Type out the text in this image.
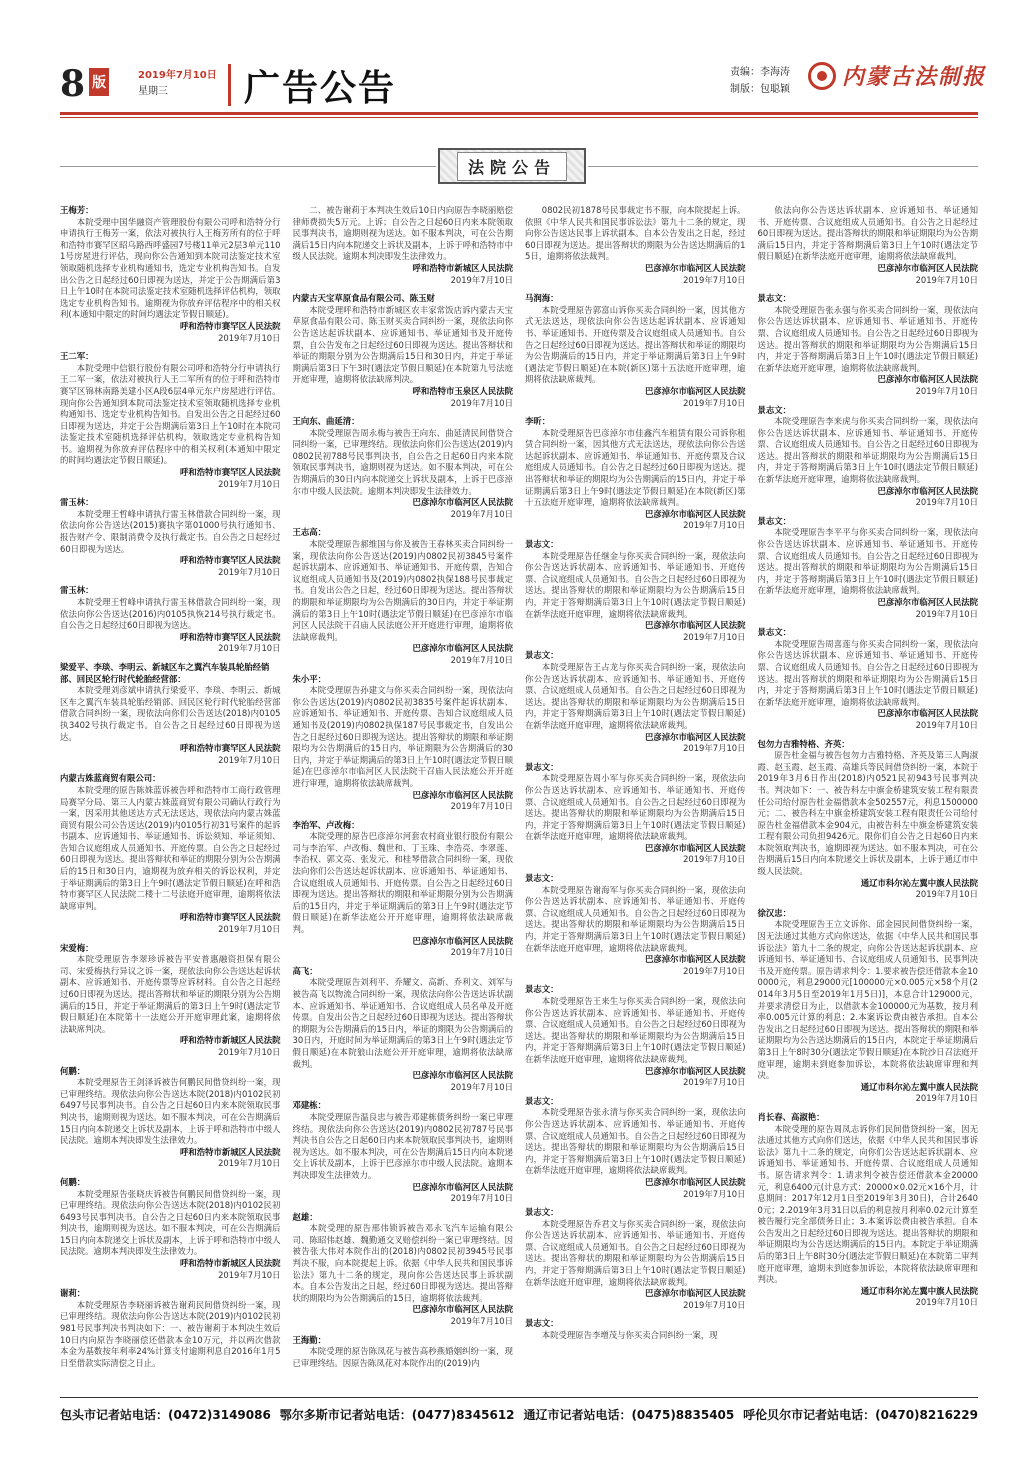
8 版	2019年7月10日
星期三	广告公告	责编：李海涛
制版：包聪颖 内蒙古法制报
法院公告
王梅芳：
本院受理中国华融资产管理股份有限公司呼和浩特分行申请执行王梅芳一案，依法对被执行人王梅芳所有的位于呼和浩特市赛罕区昭乌路西呼盛园7号楼11单元2层3单元1101号房屋进行评估，现向你公告通知到本院司法鉴定技术室领取随机选择专业机构通知书，选定专业机构告知书。自发出公告之日起经过60日即视为送达，并定于公告期满后第3日上午10时在本院司法鉴定技术室随机选择评估机构，领取选定专业机构告知书。逾期视为你放弃评估程序中的相关权利(本通知中限定的时间均遇法定节假日顺延)。
呼和浩特市赛罕区人民法院
2019年7月10日
王二军：
本院受理中信银行股份有限公司呼和浩特分行申请执行王二军一案，依法对被执行人王二军所有的位于呼和浩特市赛罕区锦林南路美建小区A段6层4单元东户房屋进行评估。现向你公告通知到本院司法鉴定技术室领取随机选择专业机构通知书、选定专业机构告知书。自发出公告之日起经过60日即视为送达，并定于公告期满后第3日上午10时在本院司法鉴定技术室随机选择评估机构，领取选定专业机构告知书。逾期视为你放弃评估程序中的相关权利(本通知中限定的时间均遇法定节假日顺延)。
呼和浩特市赛罕区人民法院
2019年7月10日
雷玉林：
本院受理王哲峰申请执行雷玉林借款合同纠纷一案，现依法向你公告送达(2015)赛执字第01000号执行通知书、报告财产令、限制消费令及执行裁定书。自公告之日起经过60日即视为送达。
呼和浩特市赛罕区人民法院
2019年7月10日
雷玉林：
本院受理王哲峰申请执行雷玉林借款合同纠纷一案，现依法向你公告送达(2016)内0105执恢214号执行裁定书。自公告之日起经过60日即视为送达。
呼和浩特市赛罕区人民法院
2019年7月10日
梁爱平、李琰、李明云、新城区车之翼汽车装具轮胎经销部、回民区轮行时代轮胎经营部：
本院受理刘彦斌申请执行梁爱平、李琰、李明云、新城区车之翼汽车装具轮胎经销部、回民区轮行时代轮胎经营部借款合同纠纷一案，现依法向你们公告送达(2018)内0105执3402号执行裁定书。自公告之日起经过60日即视为送达。
呼和浩特市赛罕区人民法院
2019年7月10日
内蒙古姝蓝商贸有限公司：
本院受理的原告陈姝蓝诉被告呼和浩特市工商行政管理局赛罕分局、第三人内蒙古姝蓝商贸有限公司确认行政行为一案，因采用其他送达方式无法送达，现依法向内蒙古姝蓝商贸有限公司公告送达(2019)内0105行初31号案件的起诉书副本、应诉通知书、举证通知书、诉讼须知、举证须知、告知合议庭组成人员通知书、开庭传票。自公告之日起经过60日即视为送达。提出答辩状和举证的期限分别为公告期满后的15日和30日内，逾期视为放弃相关的诉讼权利，并定于举证期满后的第3日上午9时(遇法定节假日顺延)在呼和浩特市赛罕区人民法院二楼十二号法庭开庭审理，逾期将依法缺席审判。
呼和浩特市赛罕区人民法院
2019年7月10日
宋爱梅：
本院受理原告李翠珍诉被告平安普惠融资担保有限公司、宋爱梅执行异议之诉一案，现依法向你公告送达起诉状副本、应诉通知书、开庭传票等应诉材料。自公告之日起经过60日即视为送达。提出答辩状和举证的期限分别为公告期满后的15日，并定于举证期满后的第3日上午9时(遇法定节假日顺延)在本院第十一法庭公开开庭审理此案，逾期将依法缺席判决。
呼和浩特市新城区人民法院
2019年7月10日
何鹏：
本院受理原告王剑泽诉被告何鹏民间借贷纠纷一案，现已审理终结。现依法向你公告送达本院(2018)内0102民初6497号民事判决书。自公告之日起60日内来本院领取民事判决书，逾期则视为送达。如不服本判决，可在公告期满后15日内向本院递交上诉状及副本，上诉于呼和浩特市中级人民法院。逾期本判决即发生法律效力。
呼和浩特市新城区人民法院
2019年7月10日
何鹏：
本院受理原告张晓庆诉被告何鹏民间借贷纠纷一案，现已审理终结。现依法向你公告送达本院(2018)内0102民初6493号民事判决书。自公告之日起60日内来本院领取民事判决书，逾期则视为送达。如不服本判决，可在公告期满后15日内向本院递交上诉状及副本，上诉于呼和浩特市中级人民法院。逾期本判决即发生法律效力。
呼和浩特市新城区人民法院
2019年7月10日
谢莉：
本院受理原告李晓丽诉被告谢莉民间借贷纠纷一案，现已审理终结。现依法向你公告送达本院(2019)内0102民初981号民事判决书判决如下：一、被告谢莉于本判决生效后10日内向原告李晓丽偿还借款本金10万元，并以两次借款本金为基数按年利率24%计算支付逾期利息自2016年1月5日至借款实际清偿之日止。
二、被告谢莉于本判决生效后10日内向原告李晓丽赔偿律师费损失5万元。上诉；自公告之日起60日内来本院领取民事判决书，逾期则视为送达。如不服本判决，可在公告期满后15日内向本院递交上诉状及副本，上诉于呼和浩特市中级人民法院。逾期本判决即发生法律效力。
呼和浩特市新城区人民法院
2019年7月10日
内蒙古天宝草原食品有限公司、陈玉财
本院受理呼和浩特市新城区农丰家常饭店诉内蒙古天宝草原食品有限公司、陈玉财买卖合同纠纷一案，现依法向你公告送达起诉状副本、应诉通知书、举证通知书及开庭传票，自公告发布之日起经过60日即视为送达。提出答辩状和举证的期限分别为公告期满后15日和30日内，并定于举证期满后第3日下午3时(遇法定节假日顺延)在本院第九号法庭开庭审理，逾期将依法缺席判决。
呼和浩特市玉泉区人民法院
2019年7月10日
王向东、曲延清：
本院受理原告周永梅与被告王向东、曲延清民间借贷合同纠纷一案，已审理终结。现依法向你们公告送达(2019)内0802民初788号民事判决书，自公告之日起60日内来本院领取民事判决书，逾期则视为送达。如不服本判决，可在公告期满后的30日内向本院递交上诉状及副本，上诉于巴彦淖尔市中级人民法院。逾期本判决即发生法律效力。
巴彦淖尔市临河区人民法院
2019年7月10日
王志高：
本院受理原告郝维国与你及被告王春林买卖合同纠纷一案，现依法向你公告送达(2019)内0802民初3845号案件起诉状副本、应诉通知书、举证通知书、开庭传票，告知合议庭组成人员通知书及(2019)内0802执保188号民事裁定书。自发出公告之日起，经过60日即视为送达。提出答辩状的期限和举证期限均为公告期满后的30日内，并定于举证期满后的第3日上午10时(遇法定节假日顺延)在巴彦淖尔市临河区人民法院干召庙人民法庭公开开庭进行审理，逾期将依法缺席裁判。
巴彦淖尔市临河区人民法院
2019年7月10日
朱小平：
本院受理原告孙建文与你买卖合同纠纷一案，现依法向你公告送达(2019)内0802民初3835号案件起诉状副本、应诉通知书、举证通知书、开庭传票、告知合议庭组成人员通知书及(2019)内0802执保187号民事裁定书，自发出公告之日起经过60日即视为送达。提出答辩状的期限和举证期限均为公告期满后的15日内，举证期限为公告期满后的30日内，并定于举证期满后的第3日上午10时(遇法定节假日顺延)在巴彦淖尔市临河区人民法院干召庙人民法庭公开开庭进行审理，逾期将依法缺席裁判。
巴彦淖尔市临河区人民法院
2019年7月10日
李治军、卢改梅：
本院受理的原告巴彦淖尔河套农村商业银行股份有限公司与李治军、卢改梅、魏世和、丁玉珠、李浩亮、李翠莲、李治权、郭文亮、张发元、和桂琴借款合同纠纷一案，现依法向你们公告送达起诉状副本、应诉通知书、举证通知书、合议庭组成人员通知书、开庭传票。自公告之日起经过60日即视为送达。提出答辩状的期限和举证期限分别为公告期满后的15日内，并定于举证期满后的第3日上午9时(遇法定节假日顺延)在新华法庭公开开庭审理，逾期将依法缺席裁判。
巴彦淖尔市临河区人民法院
2019年7月10日
高飞：
本院受理原告刘利平、乔耀文、高新、乔利文、刘军与被告高飞以物流合同纠纷一案，现依法向你公告送达诉状副本、应诉通知书、举证通知书、合议庭组成人员名单及开庭传票。自发出公告之日起经过60日即视为送达。提出答辩状的期限为公告期满后的15日内，举证的期限为公告期满后的30日内，开庭时间为举证期满后的第3日上午9时(遇法定节假日顺延)在本院狼山法庭公开开庭审理，逾期将依法缺席裁判。
巴彦淖尔市临河区人民法院
2019年7月10日
邓建栋：
本院受理原告温良忠与被告邓建栋债务纠纷一案已审理终结。现依法向你公告送达(2019)内0802民初787号民事判决书自公告之日起60日内来本院领取民事判决书，逾期则视为送达。如不服本判决，可在公告期满后15日内向本院递交上诉状及副本，上诉于巴彦淖尔市中级人民法院。逾期本判决即发生法律效力。
巴彦淖尔市临河区人民法院
2019年7月10日
赵雄：
本院受理的原告邢伟锁诉被告邓永飞汽车运输有限公司、陈昭伟赵雄、魏勤通交叉赔偿纠纷一案已审理终结。因被告张大伟对本院作出的(2018)内0802民初3945号民事判决不服，向本院提起上诉。依据《中华人民共和国民事诉讼法》第九十二条的规定，现向你公告送达民事上诉状副本。自本公告发出之日起，经过60日即视为送达。提出答辩状的期限均为公告期满后的15日，逾期将依法裁判。
巴彦淖尔市临河区人民法院
2019年7月10日
王海勤：
本院受理的原告陈凤花与被告高秒燕婚姻纠纷一案，现已审理终结。因原告陈凤花对本院作出的(2019)内
0802民初1878号民事裁定书不服，向本院提起上诉。依照《中华人民共和国民事诉讼法》第九十二条的规定，现向你公告送达民事上诉状副本。自本公告发出之日起，经过60日即视为送达。提出答辩状的期限为公告送达期满后的15日，逾期将依法裁判。
巴彦淖尔市临河区人民法院
2019年7月10日
马润海：
本院受理原告郭富山诉你买卖合同纠纷一案，因其他方式无法送达，现依法向你公告送达起诉状副本、应诉通知书、举证通知书、开庭传票及合议庭组成人员通知书。自公告之日起经过60日即视为送达。提出答辩状和举证的期限均为公告期满后的15日内，并定于举证期满后第3日上午9时(遇法定节假日顺延)在本院(新区)第十五法庭开庭审理，逾期将依法缺席裁判。
巴彦淖尔市临河区人民法院
2019年7月10日
李昕：
本院受理原告巴彦淖尔市佳鑫汽车租赁有限公司诉你租赁合同纠纷一案，因其他方式无法送达，现依法向你公告送达起诉状副本、应诉通知书、举证通知书、开庭传票及合议庭组成人员通知书。自公告之日起经过60日即视为送达。提出答辩状和举证的期限均为公告期满后的15日内，并定于举证期满后第3日上午9时(遇法定节假日顺延)在本院(新区)第十五法庭开庭审理，逾期将依法缺席裁判。
巴彦淖尔市临河区人民法院
2019年7月10日
景志文：
本院受理原告任继金与你买卖合同纠纷一案，现依法向你公告送达诉状副本、应诉通知书、举证通知书、开庭传票、合议庭组成人员通知书。自公告之日起经过60日即视为送达。提出答辩状的期限和举证期限均为公告期满后15日内，并定于答辩期满后第3日上午10时(遇法定节假日顺延)在新华法庭开庭审理，逾期将依法缺席裁判。
巴彦淖尔市临河区人民法院
2019年7月10日
景志文：
本院受理原告王占龙与你买卖合同纠纷一案，现依法向你公告送达诉状副本、应诉通知书、举证通知书、开庭传票、合议庭组成人员通知书。自公告之日起经过60日即视为送达。提出答辩状的期限和举证期限均为公告期满后15日内，并定于答辩期满后第3日上午10时(遇法定节假日顺延)在新华法庭开庭审理，逾期将依法缺席裁判。
巴彦淖尔市临河区人民法院
2019年7月10日
景志文：
本院受理原告周小军与你买卖合同纠纷一案，现依法向你公告送达诉状副本、应诉通知书、举证通知书、开庭传票、合议庭组成人员通知书。自公告之日起经过60日即视为送达。提出答辩状的期限和举证期限均为公告期满后15日内，并定于答辩期满后第3日上午10时(遇法定节假日顺延)在新华法庭开庭审理，逾期将依法缺席裁判。
巴彦淖尔市临河区人民法院
2019年7月10日
景志文：
本院受理原告谢海军与你买卖合同纠纷一案，现依法向你公告送达诉状副本、应诉通知书、举证通知书、开庭传票、合议庭组成人员通知书。自公告之日起经过60日即视为送达。提出答辩状的期限和举证期限均为公告期满后15日内，并定于答辩期满后第3日上午10时(遇法定节假日顺延)在新华法庭开庭审理，逾期将依法缺席裁判。
巴彦淖尔市临河区人民法院
2019年7月10日
景志文：
本院受理原告王来生与你买卖合同纠纷一案，现依法向你公告送达诉状副本、应诉通知书、举证通知书、开庭传票、合议庭组成人员通知书。自公告之日起经过60日即视为送达。提出答辩状的期限和举证期限均为公告期满后15日内，并定于答辩期满后第3日上午10时(遇法定节假日顺延)在新华法庭开庭审理，逾期将依法缺席裁判。
巴彦淖尔市临河区人民法院
2019年7月10日
景志文：
本院受理原告张永清与你买卖合同纠纷一案，现依法向你公告送达诉状副本、应诉通知书、举证通知书、开庭传票、合议庭组成人员通知书。自公告之日起经过60日即视为送达。提出答辩状的期限和举证期限均为公告期满后15日内，并定于答辩期满后第3日上午10时(遇法定节假日顺延)在新华法庭开庭审理，逾期将依法缺席裁判。
巴彦淖尔市临河区人民法院
2019年7月10日
景志文：
本院受理原告乔君文与你买卖合同纠纷一案，现依法向你公告送达诉状副本、应诉通知书、举证通知书、开庭传票、合议庭组成人员通知书。自公告之日起经过60日即视为送达。提出答辩状的期限和举证期限均为公告期满后15日内，并定于答辩期满后第3日上午10时(遇法定节假日顺延)在新华法庭开庭审理，逾期将依法缺席裁判。
巴彦淖尔市临河区人民法院
2019年7月10日
景志文：
本院受理原告李增茂与你买卖合同纠纷一案，现
依法向你公告送达诉状副本、应诉通知书、举证通知书、开庭传票、合议庭组成人员通知书。自公告之日起经过60日即视为送达。提出答辩状的期限和举证期限均为公告期满后15日内，并定于答辩期满后第3日上午10时(遇法定节假日顺延)在新华法庭开庭审理，逾期将依法缺席裁判。
巴彦淖尔市临河区人民法院
2019年7月10日
景志文：
本院受理原告张永强与你买卖合同纠纷一案，现依法向你公告送达诉状副本、应诉通知书、举证通知书、开庭传票、合议庭组成人员通知书。自公告之日起经过60日即视为送达。提出答辩状的期限和举证期限均为公告期满后15日内，并定于答辩期满后第3日上午10时(遇法定节假日顺延)在新华法庭开庭审理，逾期将依法缺席裁判。
巴彦淖尔市临河区人民法院
2019年7月10日
景志文：
本院受理原告李来虎与你买卖合同纠纷一案，现依法向你公告送达诉状副本、应诉通知书、举证通知书、开庭传票、合议庭组成人员通知书。自公告之日起经过60日即视为送达。提出答辩状的期限和举证期限均为公告期满后15日内，并定于答辩期满后第3日上午10时(遇法定节假日顺延)在新华法庭开庭审理，逾期将依法缺席裁判。
巴彦淖尔市临河区人民法院
2019年7月10日
景志文：
本院受理原告李平平与你买卖合同纠纷一案，现依法向你公告送达诉状副本、应诉通知书、举证通知书、开庭传票、合议庭组成人员通知书。自公告之日起经过60日即视为送达。提出答辩状的期限和举证期限均为公告期满后15日内，并定于答辩期满后第3日上午10时(遇法定节假日顺延)在新华法庭开庭审理，逾期将依法缺席裁判。
巴彦淖尔市临河区人民法院
2019年7月10日
景志文：
本院受理原告周喜莲与你买卖合同纠纷一案，现依法向你公告送达诉状副本、应诉通知书、举证通知书、开庭传票、合议庭组成人员通知书。自公告之日起经过60日即视为送达。提出答辩状的期限和举证期限均为公告期满后15日内，并定于答辩期满后第3日上午10时(遇法定节假日顺延)在新华法庭开庭审理，逾期将依法缺席裁判。
巴彦淖尔市临河区人民法院
2019年7月10日
包勿力吉雅特格、齐英：
原告杜金福与被告包勿力吉雅特格、齐英及第三人陶淑霞、赵玉霞、赵玉霞、高雄兵等民间借贷纠纷一案，本院于2019年3月6日作出(2018)内0521民初943号民事判决书。判决如下：一、被告科左中旗金桥建筑安装工程有限责任公司给付原告杜金福借款本金502557元，利息1500000元；二、被告科左中旗金桥建筑安装工程有限责任公司给付原告杜金福借款本金904元，由被告科左中旗金桥建筑安装工程有限公司负担9426元。限你们自公告之日起60日内来本院领取判决书，逾期即视为送达。如不服本判决，可在公告期满后15日内向本院递交上诉状及副本，上诉于通辽市中级人民法院。
通辽市科尔沁左翼中旗人民法院
2019年7月10日
徐汉忠：
本院受理原告王立文诉你、邱金园民间借贷纠纷一案，因无法通过其他方式向你送达，依据《中华人民共和国民事诉讼法》第九十二条的规定，向你公告送达起诉状副本、应诉通知书、举证通知书、合议庭组成人员通知书、民事判决书及开庭传票。原告请求判令：1.要求被告偿还借款本金100000元，利息29000元[100000元×0.005元×58个月(2014年3月5日至2019年1月5日)]，本息合计129000元，并要求清偿日为止，以借款本金100000元为基数，按月利率0.005元计算的利息；2.本案诉讼费由被告承担。自本公告发出之日起经过60日即视为送达。提出答辩状的期限和举证期限均为公告送达期满后的15日内，本院定于举证期满后第3日上午8时30分(遇法定节假日顺延)在本院沙日召法庭开庭审理，逾期未到庭参加诉讼，本院将依法缺席审理和判决。
通辽市科尔沁左翼中旗人民法院
2019年7月10日
肖长春、高淑艳：
本院受理的原告周凤志诉你们民间借贷纠纷一案，因无法通过其他方式向你们送达，依据《中华人民共和国民事诉讼法》第九十二条的规定，向你们公告送达起诉状副本、应诉通知书、举证通知书、开庭传票、合议庭组成人员通知书。原告请求判令：1.请求判令被告偿还借款本金20000元，利息6400元(计息方式：20000×0.02元×16个月，计息期间：2017年12月1日至2019年3月30日)，合计26400元；2.2019年3月31日以后的利息按月利率0.02元计算至被告履行完全部债务日止；3.本案诉讼费由被告承担。自本公告发出之日起经过60日即视为送达。提出答辩状的期限和举证期限均为公告送达期满后的15日内。本院定于举证期满后的第3日上午8时30分(遇法定节假日顺延)在本院第二审判庭开庭审理，逾期未到庭参加诉讼，本院将依法缺席审理和判决。
通辽市科尔沁左翼中旗人民法院
2019年7月10日
包头市记者站电话：(0472)3149086 鄂尔多斯市记者站电话：(0477)8345612 通辽市记者站电话：(0475)8835405 呼伦贝尔市记者站电话：(0470)8216229
